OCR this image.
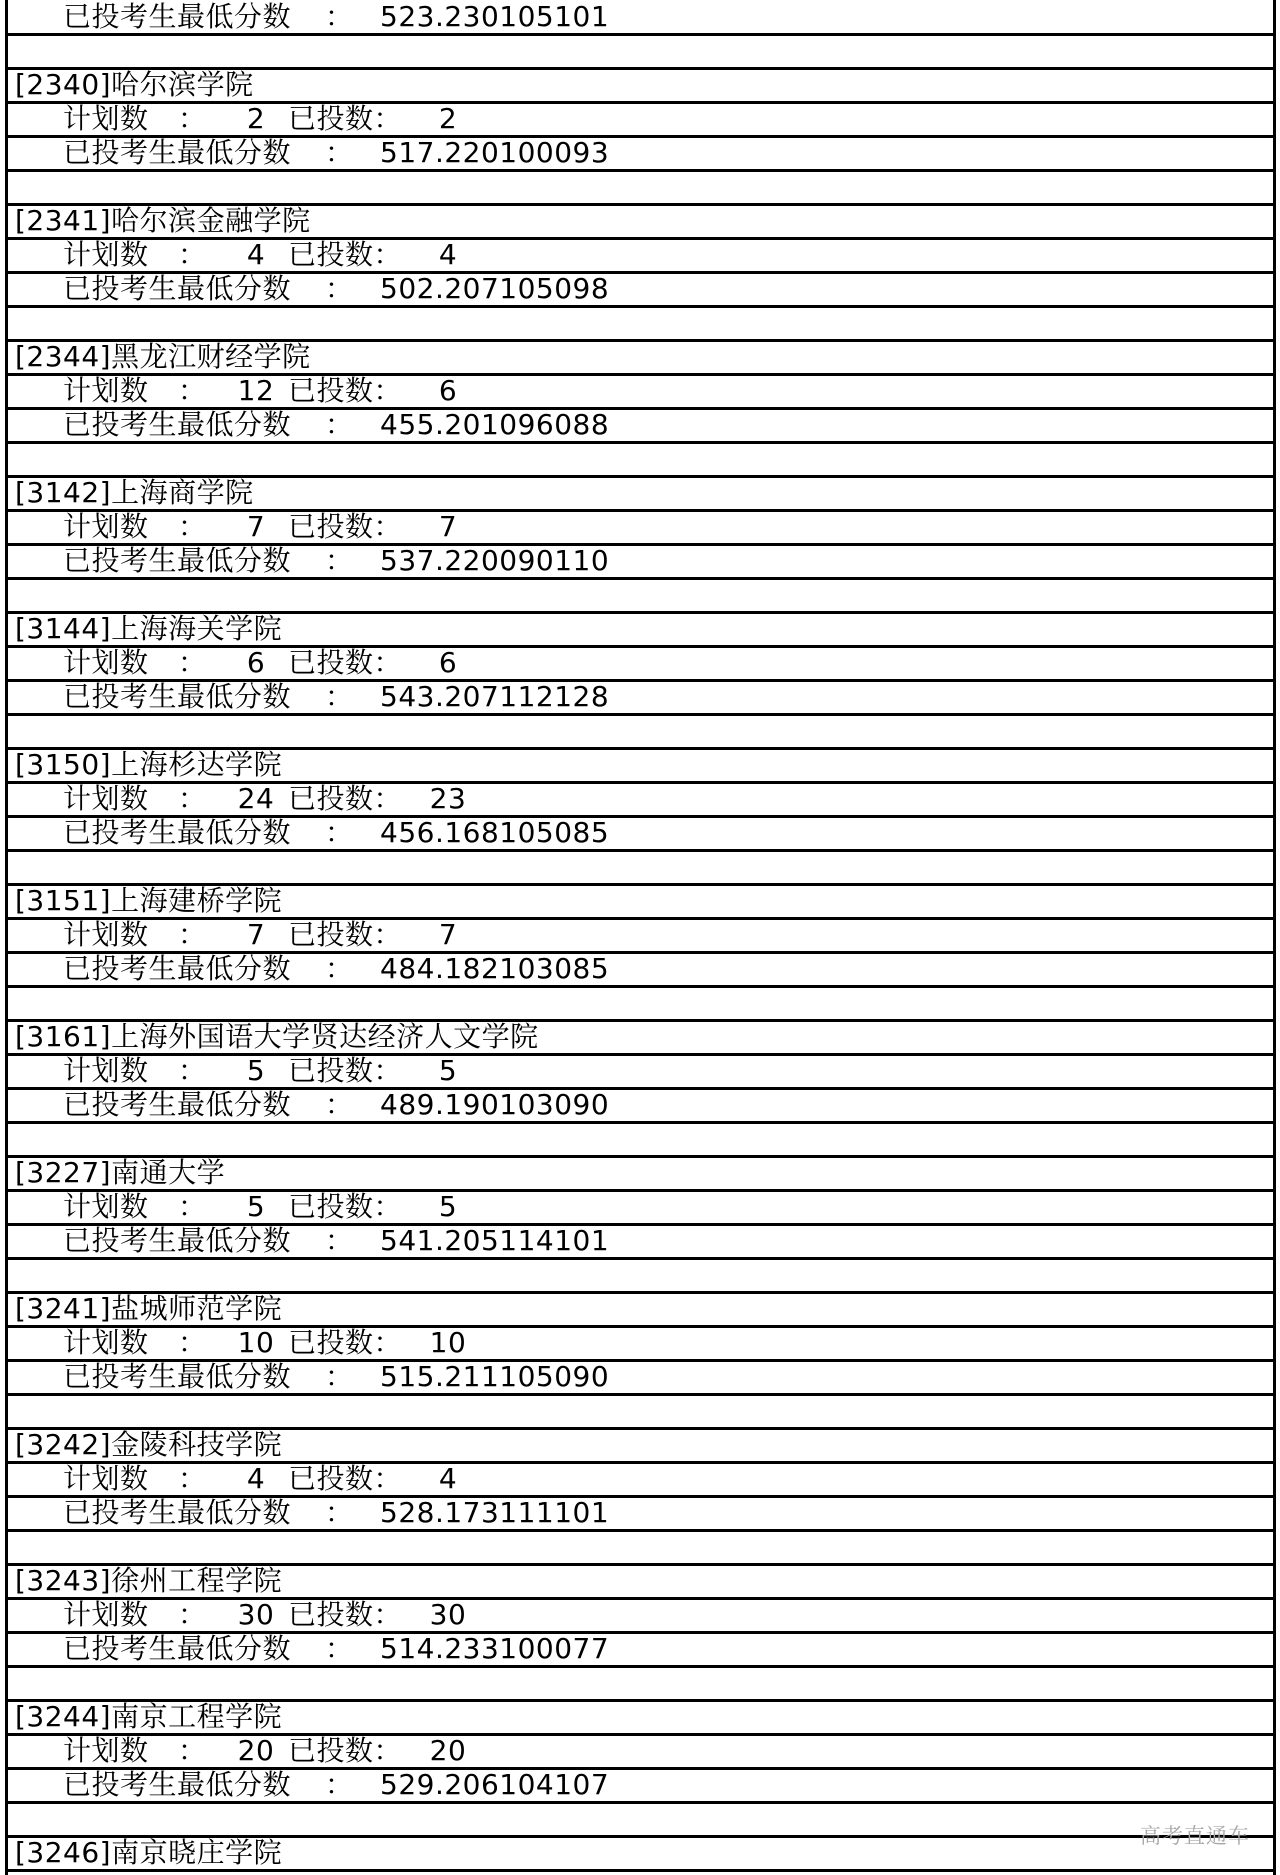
已投考生最低分数 ： 523.230105101
[2340]哈尔滨学院
计划数 ：	2 已投数：	2
已投考生最低分数 ： 517.220100093
[2341]哈尔滨金融学院
计划数 ：	4 已投数：	4
已投考生最低分数 ： 502.207105098
[2344]黑龙江财经学院
计划数 ： 12 已投数：	6
已投考生最低分数 ： 455.201096088
[3142]上海商学院
计划数 ：	7 已投数：	7
已投考生最低分数 ： 537.220090110
[3144]上海海关学院
计划数 ：	6 已投数：	6
已投考生最低分数 ： 543.207112128
[3150]上海杉达学院
计划数 ： 24 已投数： 23
已投考生最低分数 ： 456.168105085
[3151]上海建桥学院
计划数 ：	7 已投数：	7
已投考生最低分数 ： 484.182103085
[3161]上海外国语大学贤达经济人文学院
计划数 ：	5 已投数：	5
已投考生最低分数 ： 489.190103090
[3227]南通大学
计划数 ：	5 已投数：	5
已投考生最低分数 ： 541.205114101
[3241]盐城师范学院
计划数 ： 10 已投数： 10
已投考生最低分数 ： 515.211105090
[3242]金陵科技学院
计划数 ：	4 已投数：	4
已投考生最低分数 ： 528.173111101
[3243]徐州工程学院
计划数 ： 30 已投数： 30
已投考生最低分数 ： 514.233100077
[3244]南京工程学院
计划数 ： 20 已投数： 20
已投考生最低分数 ： 529.206104107
[3246]南京晓庄学院	高考直通车
